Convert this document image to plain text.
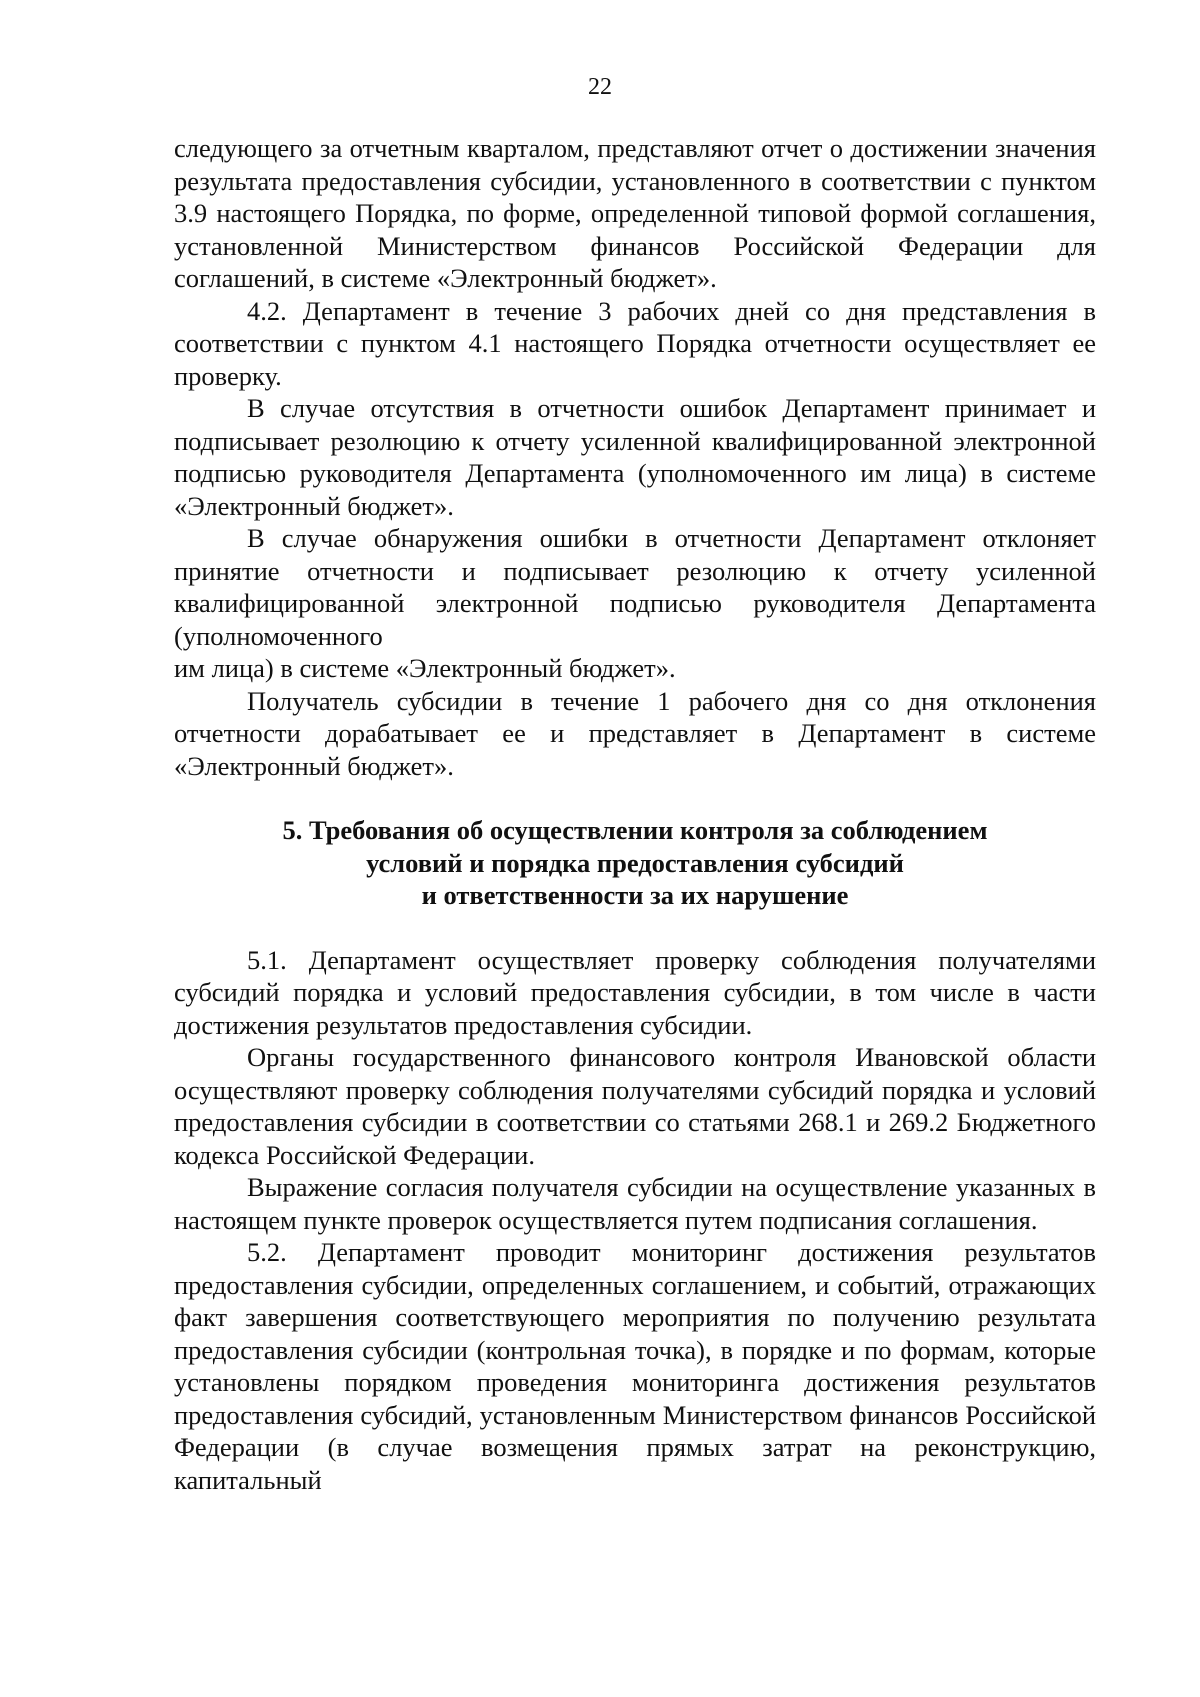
22

следующего за отчетным кварталом, представляют отчет о достижении значения результата предоставления субсидии, установленного в соответствии с пунктом 3.9 настоящего Порядка, по форме, определенной типовой формой соглашения, установленной Министерством финансов Российской Федерации для соглашений, в системе «Электронный бюджет».

4.2. Департамент в течение 3 рабочих дней со дня представления в соответствии с пунктом 4.1 настоящего Порядка отчетности осуществляет ее проверку.

В случае отсутствия в отчетности ошибок Департамент принимает и подписывает резолюцию к отчету усиленной квалифицированной электронной подписью руководителя Департамента (уполномоченного им лица) в системе «Электронный бюджет».

В случае обнаружения ошибки в отчетности Департамент отклоняет принятие отчетности и подписывает резолюцию к отчету усиленной квалифицированной электронной подписью руководителя Департамента (уполномоченного
им лица) в системе «Электронный бюджет».

Получатель субсидии в течение 1 рабочего дня со дня отклонения отчетности дорабатывает ее и представляет в Департамент в системе «Электронный бюджет».

5. Требования об осуществлении контроля за соблюдением
условий и порядка предоставления субсидий
и ответственности за их нарушение

5.1. Департамент осуществляет проверку соблюдения получателями субсидий порядка и условий предоставления субсидии, в том числе в части достижения результатов предоставления субсидии.

Органы государственного финансового контроля Ивановской области осуществляют проверку соблюдения получателями субсидий порядка и условий предоставления субсидии в соответствии со статьями 268.1 и 269.2 Бюджетного кодекса Российской Федерации.

Выражение согласия получателя субсидии на осуществление указанных в настоящем пункте проверок осуществляется путем подписания соглашения.

5.2. Департамент проводит мониторинг достижения результатов предоставления субсидии, определенных соглашением, и событий, отражающих факт завершения соответствующего мероприятия по получению результата предоставления субсидии (контрольная точка), в порядке и по формам, которые установлены порядком проведения мониторинга достижения результатов предоставления субсидий, установленным Министерством финансов Российской Федерации (в случае возмещения прямых затрат на реконструкцию, капитальный
